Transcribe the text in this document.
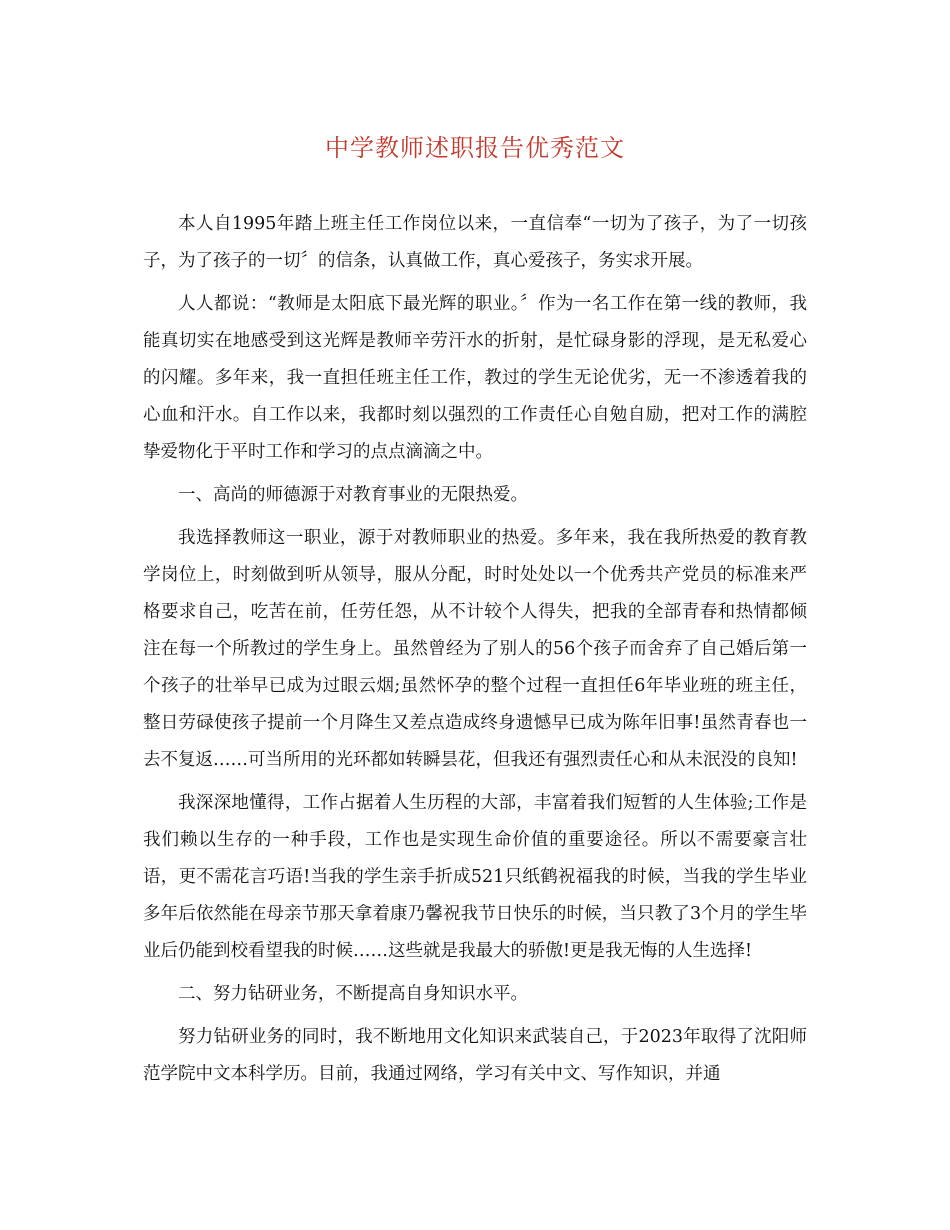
中学教师述职报告优秀范文

本人自1995年踏上班主任工作岗位以来，一直信奉“一切为了孩子，为了一切孩子，为了孩子的一切〞的信条，认真做工作，真心爱孩子，务实求开展。

人人都说：“教师是太阳底下最光辉的职业。〞作为一名工作在第一线的教师，我能真切实在地感受到这光辉是教师辛劳汗水的折射，是忙碌身影的浮现，是无私爱心的闪耀。多年来，我一直担任班主任工作，教过的学生无论优劣，无一不渗透着我的心血和汗水。自工作以来，我都时刻以强烈的工作责任心自勉自励，把对工作的满腔挚爱物化于平时工作和学习的点点滴滴之中。

一、高尚的师德源于对教育事业的无限热爱。

我选择教师这一职业，源于对教师职业的热爱。多年来，我在我所热爱的教育教学岗位上，时刻做到听从领导，服从分配，时时处处以一个优秀共产党员的标准来严格要求自己，吃苦在前，任劳任怨，从不计较个人得失，把我的全部青春和热情都倾注在每一个所教过的学生身上。虽然曾经为了别人的56个孩子而舍弃了自己婚后第一个孩子的壮举早已成为过眼云烟;虽然怀孕的整个过程一直担任6年毕业班的班主任，整日劳碌使孩子提前一个月降生又差点造成终身遗憾早已成为陈年旧事!虽然青春也一去不复返……可当所用的光环都如转瞬昙花，但我还有强烈责任心和从未泯没的良知!

我深深地懂得，工作占据着人生历程的大部，丰富着我们短暂的人生体验;工作是我们赖以生存的一种手段，工作也是实现生命价值的重要途径。所以不需要豪言壮语，更不需花言巧语!当我的学生亲手折成521只纸鹤祝福我的时候，当我的学生毕业多年后依然能在母亲节那天拿着康乃馨祝我节日快乐的时候，当只教了3个月的学生毕业后仍能到校看望我的时候……这些就是我最大的骄傲!更是我无悔的人生选择!

二、努力钻研业务，不断提高自身知识水平。

努力钻研业务的同时，我不断地用文化知识来武装自己，于2023年取得了沈阳师范学院中文本科学历。目前，我通过网络，学习有关中文、写作知识，并通
